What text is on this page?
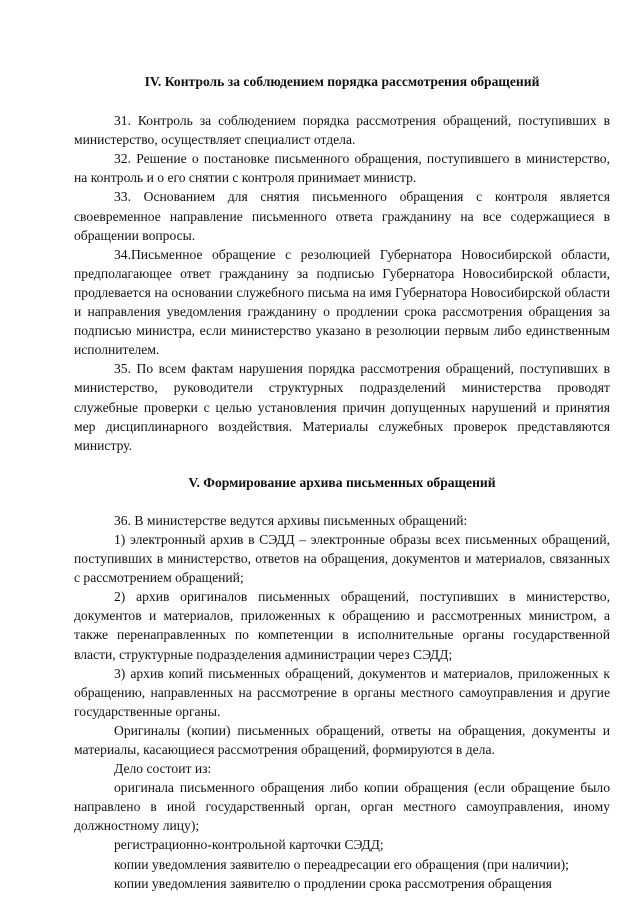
IV. Контроль за соблюдением порядка рассмотрения обращений

31. Контроль за соблюдением порядка рассмотрения обращений, поступивших в министерство, осуществляет специалист отдела.

32. Решение о постановке письменного обращения, поступившего в министерство, на контроль и о его снятии с контроля принимает министр.

33. Основанием для снятия письменного обращения с контроля является своевременное направление письменного ответа гражданину на все содержащиеся в обращении вопросы.

34.Письменное обращение с резолюцией Губернатора Новосибирской области, предполагающее ответ гражданину за подписью Губернатора Новосибирской области, продлевается на основании служебного письма на имя Губернатора Новосибирской области и направления уведомления гражданину о продлении срока рассмотрения обращения за подписью министра, если министерство указано в резолюции первым либо единственным исполнителем.

35. По всем фактам нарушения порядка рассмотрения обращений, поступивших в министерство, руководители структурных подразделений министерства проводят служебные проверки с целью установления причин допущенных нарушений и принятия мер дисциплинарного воздействия. Материалы служебных проверок представляются министру.

V. Формирование архива письменных обращений

36. В министерстве ведутся архивы письменных обращений:

1) электронный архив в СЭДД – электронные образы всех письменных обращений, поступивших в министерство, ответов на обращения, документов и материалов, связанных с рассмотрением обращений;

2) архив оригиналов письменных обращений, поступивших в министерство, документов и материалов, приложенных к обращению и рассмотренных министром, а также перенаправленных по компетенции в исполнительные органы государственной власти, структурные подразделения администрации через СЭДД;

3) архив копий письменных обращений, документов и материалов, приложенных к обращению, направленных на рассмотрение в органы местного самоуправления и другие государственные органы.

Оригиналы (копии) письменных обращений, ответы на обращения, документы и материалы, касающиеся рассмотрения обращений, формируются в дела.

Дело состоит из:

оригинала письменного обращения либо копии обращения (если обращение было направлено в иной государственный орган, орган местного самоуправления, иному должностному лицу);

регистрационно-контрольной карточки СЭДД;

копии уведомления заявителю о переадресации его обращения (при наличии);

копии уведомления заявителю о продлении срока рассмотрения обращения
